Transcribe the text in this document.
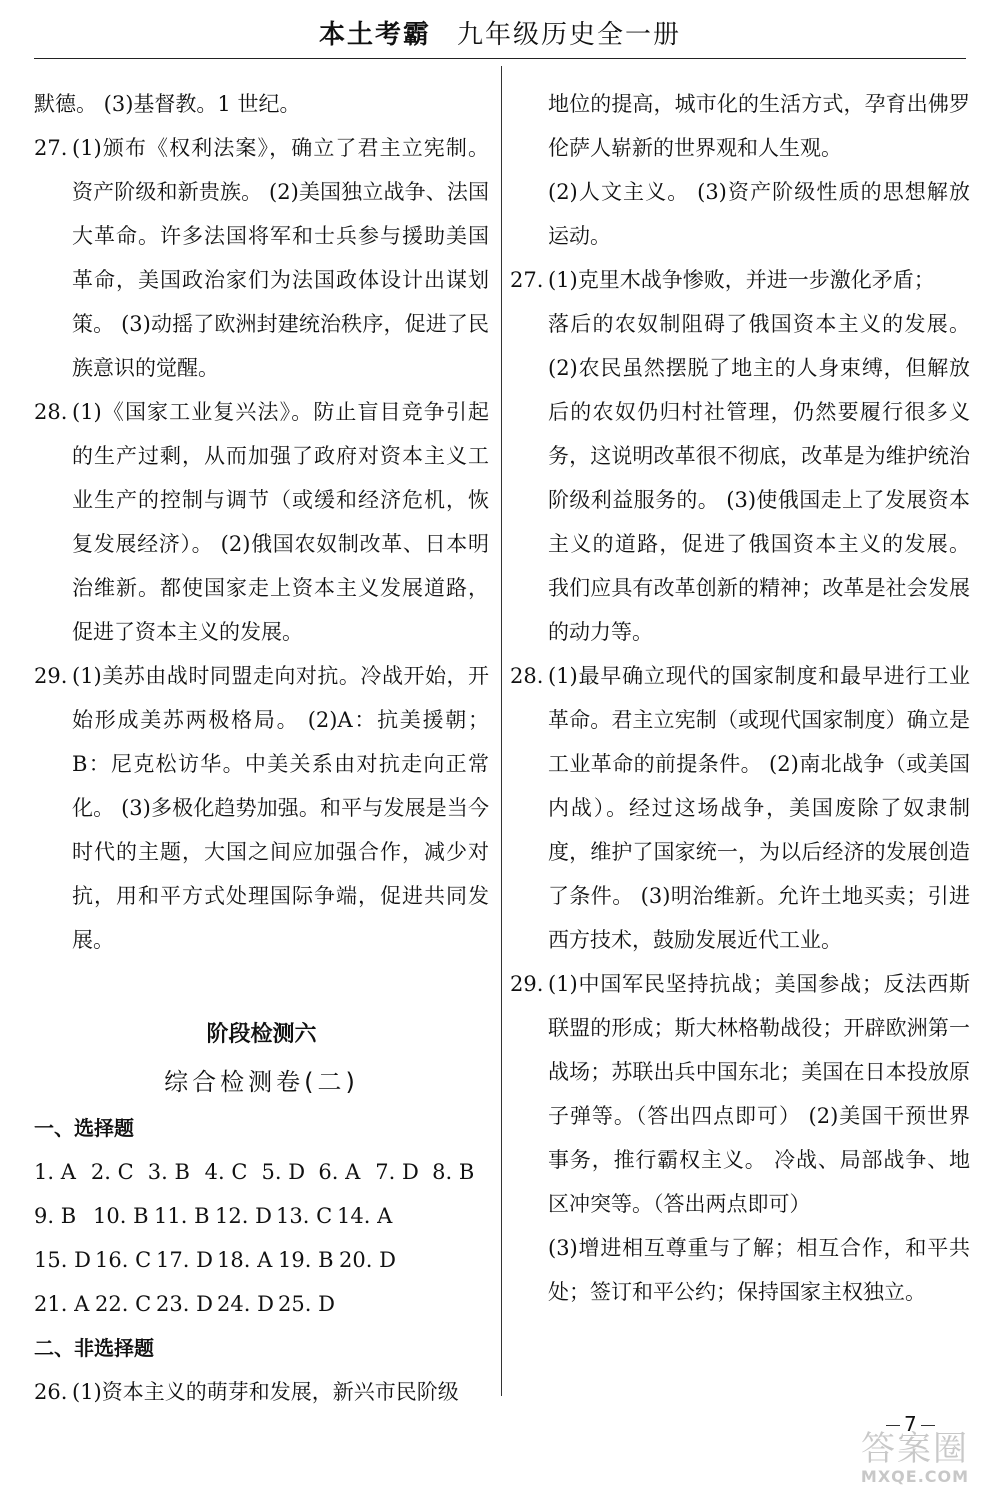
本土考霸 九年级历史全一册

默德。 (3)基督教。1 世纪。

27. (1)颁布《权利法案》，确立了君主立宪制。资产阶级和新贵族。 (2)美国独立战争、法国大革命。许多法国将军和士兵参与援助美国革命，美国政治家们为法国政体设计出谋划策。 (3)动摇了欧洲封建统治秩序，促进了民族意识的觉醒。

28. (1)《国家工业复兴法》。防止盲目竞争引起的生产过剩，从而加强了政府对资本主义工业生产的控制与调节（或缓和经济危机，恢复发展经济）。 (2)俄国农奴制改革、日本明治维新。都使国家走上资本主义发展道路，促进了资本主义的发展。

29. (1)美苏由战时同盟走向对抗。冷战开始，开始形成美苏两极格局。 (2)A：抗美援朝；B：尼克松访华。中美关系由对抗走向正常化。 (3)多极化趋势加强。和平与发展是当今时代的主题，大国之间应加强合作，减少对抗，用和平方式处理国际争端，促进共同发展。

阶段检测六

综合检测卷(二)

一、选择题

1. A 2. C 3. B 4. C 5. D 6. A 7. D 8. B
9. B 10. B 11. B 12. D 13. C 14. A
15. D 16. C 17. D 18. A 19. B 20. D
21. A 22. C 23. D 24. D 25. D

二、非选择题

26. (1)资本主义的萌芽和发展，新兴市民阶级

地位的提高，城市化的生活方式，孕育出佛罗伦萨人崭新的世界观和人生观。

(2)人文主义。 (3)资产阶级性质的思想解放运动。

27. (1)克里木战争惨败，并进一步激化矛盾；

落后的农奴制阻碍了俄国资本主义的发展。 (2)农民虽然摆脱了地主的人身束缚，但解放后的农奴仍归村社管理，仍然要履行很多义务，这说明改革很不彻底，改革是为维护统治阶级利益服务的。 (3)使俄国走上了发展资本主义的道路，促进了俄国资本主义的发展。 我们应具有改革创新的精神；改革是社会发展的动力等。

28. (1)最早确立现代的国家制度和最早进行工业革命。君主立宪制（或现代国家制度）确立是工业革命的前提条件。 (2)南北战争（或美国内战）。经过这场战争，美国废除了奴隶制度，维护了国家统一，为以后经济的发展创造了条件。 (3)明治维新。允许土地买卖；引进西方技术，鼓励发展近代工业。

29. (1)中国军民坚持抗战；美国参战；反法西斯联盟的形成；斯大林格勒战役；开辟欧洲第一战场；苏联出兵中国东北；美国在日本投放原子弹等。（答出四点即可） (2)美国干预世界事务，推行霸权主义。 冷战、局部战争、地区冲突等。（答出两点即可）

(3)增进相互尊重与了解；相互合作，和平共处；签订和平公约；保持国家主权独立。

7
答案圈
MXQE.COM
